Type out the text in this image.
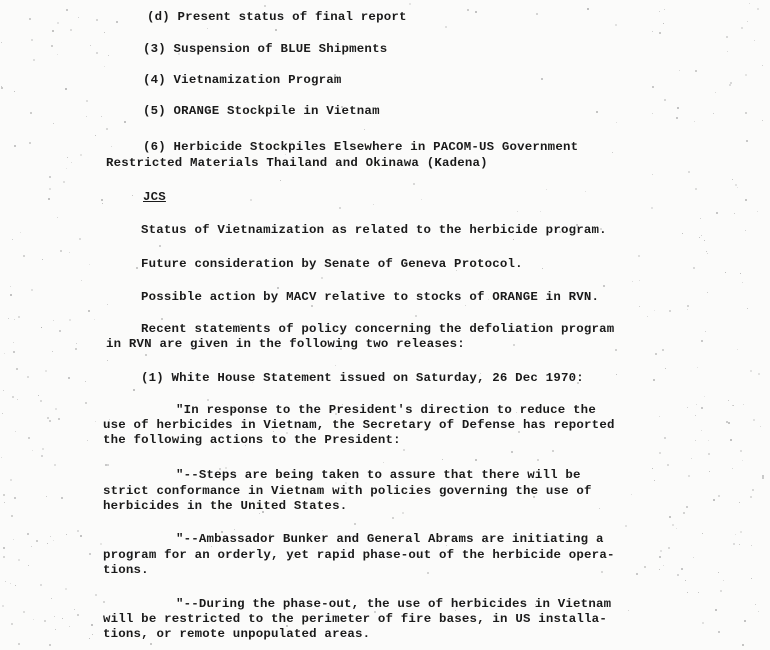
(d) Present status of final report
(3) Suspension of BLUE Shipments
(4) Vietnamization Program
(5) ORANGE Stockpile in Vietnam
(6) Herbicide Stockpiles Elsewhere in PACOM-US Government
Restricted Materials Thailand and Okinawa (Kadena)
JCS
Status of Vietnamization as related to the herbicide program.
Future consideration by Senate of Geneva Protocol.
Possible action by MACV relative to stocks of ORANGE in RVN.
Recent statements of policy concerning the defoliation program
in RVN are given in the following two releases:
(1) White House Statement issued on Saturday, 26 Dec 1970:
"In response to the President's direction to reduce the
use of herbicides in Vietnam, the Secretary of Defense has reported
the following actions to the President:
"--Steps are being taken to assure that there will be
strict conformance in Vietnam with policies governing the use of
herbicides in the United States.
"--Ambassador Bunker and General Abrams are initiating a
program for an orderly, yet rapid phase-out of the herbicide opera-
tions.
"--During the phase-out, the use of herbicides in Vietnam
will be restricted to the perimeter of fire bases, in US installa-
tions, or remote unpopulated areas.
